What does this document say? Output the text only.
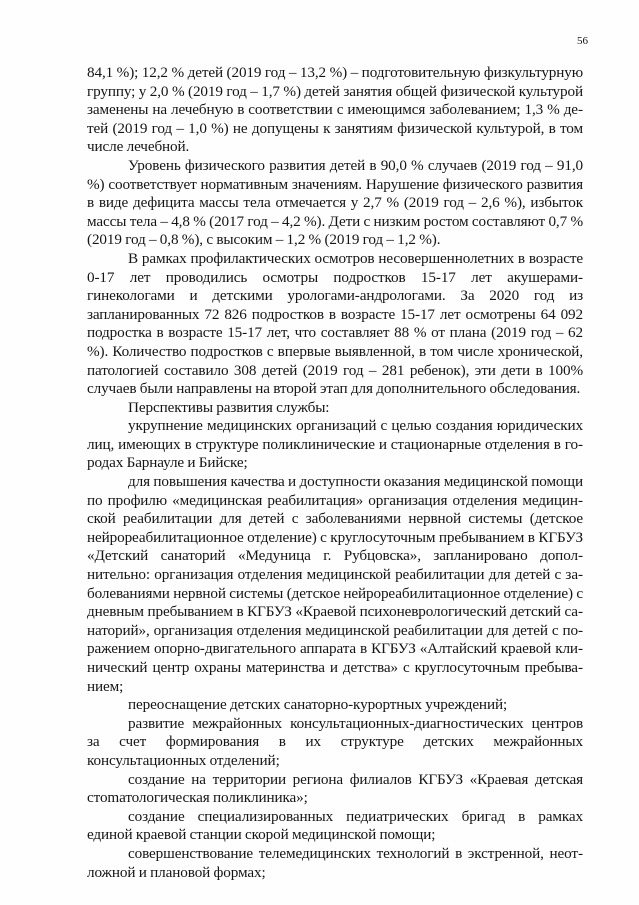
56

84,1 %); 12,2 % детей (2019 год – 13,2 %) – подготовительную физкультурную группу; у 2,0 % (2019 год – 1,7 %) детей занятия общей физической культурой заменены на лечебную в соответствии с имеющимся заболеванием; 1,3 % детей (2019 год – 1,0 %) не допущены к занятиям физической культурой, в том числе лечебной.

Уровень физического развития детей в 90,0 % случаев (2019 год – 91,0 %) соответствует нормативным значениям. Нарушение физического развития в виде дефицита массы тела отмечается у 2,7 % (2019 год – 2,6 %), избыток массы тела – 4,8 % (2017 год – 4,2 %). Дети с низким ростом составляют 0,7 % (2019 год – 0,8 %), с высоким – 1,2 % (2019 год – 1,2 %).

В рамках профилактических осмотров несовершеннолетних в возрасте 0-17 лет проводились осмотры подростков 15-17 лет акушерами-гинекологами и детскими урологами-андрологами. За 2020 год из запланированных 72 826 подростков в возрасте 15-17 лет осмотрены 64 092 подростка в возрасте 15-17 лет, что составляет 88 % от плана (2019 год – 62 %). Количество подростков с впервые выявленной, в том числе хронической, патологией составило 308 детей (2019 год – 281 ребенок), эти дети в 100% случаев были направлены на второй этап для дополнительного обследования.

Перспективы развития службы:

укрупнение медицинских организаций с целью создания юридических лиц, имеющих в структуре поликлинические и стационарные отделения в городах Барнауле и Бийске;

для повышения качества и доступности оказания медицинской помощи по профилю «медицинская реабилитация» организация отделения медицинской реабилитации для детей с заболеваниями нервной системы (детское нейрореабилитационное отделение) с круглосуточным пребыванием в КГБУЗ «Детский санаторий «Медуница г. Рубцовска», запланировано дополнительно: организация отделения медицинской реабилитации для детей с заболеваниями нервной системы (детское нейрореабилитационное отделение) с дневным пребыванием в КГБУЗ «Краевой психоневрологический детский санаторий», организация отделения медицинской реабилитации для детей с поражением опорно-двигательного аппарата в КГБУЗ «Алтайский краевой клинический центр охраны материнства и детства» с круглосуточным пребыванием;

переоснащение детских санаторно-курортных учреждений;

развитие межрайонных консультационных-диагностических центров за счет формирования в их структуре детских межрайонных консультационных отделений;

создание на территории региона филиалов КГБУЗ «Краевая детская стоmатологическая поликлиника»;

создание специализированных педиатрических бригад в рамках единой краевой станции скорой медицинской помощи;

совершенствование телемедицинских технологий в экстренной, неотложной и плановой формах;
